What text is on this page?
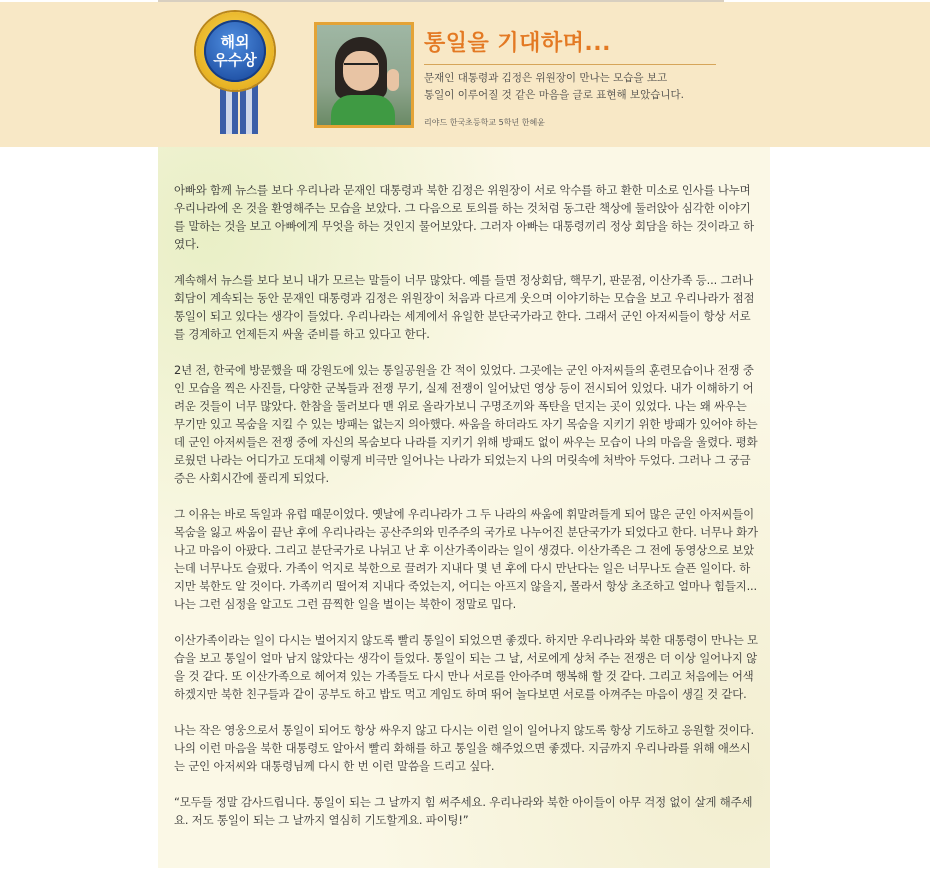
해외
우수상
통일을 기대하며...

문재인 대통령과 김정은 위원장이 만나는 모습을 보고

통일이 이루어질 것 같은 마음을 글로 표현해 보았습니다.

리야드 한국초등학교 5학년 한혜윤

아빠와 함께 뉴스를 보다 우리나라 문재인 대통령과 북한 김정은 위원장이 서로 악수를 하고 환한 미소로 인사를 나누며 우리나라에 온 것을 환영해주는 모습을 보았다. 그 다음으로 토의를 하는 것처럼 동그란 책상에 둘러앉아 심각한 이야기를 말하는 것을 보고 아빠에게 무엇을 하는 것인지 물어보았다. 그러자 아빠는 대통령끼리 정상 회담을 하는 것이라고 하였다.

계속해서 뉴스를 보다 보니 내가 모르는 말들이 너무 많았다. 예를 들면 정상회담, 핵무기, 판문점, 이산가족 등... 그러나 회담이 계속되는 동안 문재인 대통령과 김정은 위원장이 처음과 다르게 웃으며 이야기하는 모습을 보고 우리나라가 점점 통일이 되고 있다는 생각이 들었다. 우리나라는 세계에서 유일한 분단국가라고 한다. 그래서 군인 아저씨들이 항상 서로를 경계하고 언제든지 싸울 준비를 하고 있다고 한다.

2년 전, 한국에 방문했을 때 강원도에 있는 통일공원을 간 적이 있었다. 그곳에는 군인 아저씨들의 훈련모습이나 전쟁 중인 모습을 찍은 사진들, 다양한 군복들과 전쟁 무기, 실제 전쟁이 일어났던 영상 등이 전시되어 있었다. 내가 이해하기 어려운 것들이 너무 많았다. 한참을 둘러보다 맨 위로 올라가보니 구명조끼와 폭탄을 던지는 곳이 있었다. 나는 왜 싸우는 무기만 있고 목숨을 지킬 수 있는 방패는 없는지 의아했다. 싸움을 하더라도 자기 목숨을 지키기 위한 방패가 있어야 하는데 군인 아저씨들은 전쟁 중에 자신의 목숨보다 나라를 지키기 위해 방패도 없이 싸우는 모습이 나의 마음을 울렸다. 평화로웠던 나라는 어디가고 도대체 이렇게 비극만 일어나는 나라가 되었는지 나의 머릿속에 처박아 두었다. 그러나 그 궁금증은 사회시간에 풀리게 되었다.

그 이유는 바로 독일과 유럽 때문이었다. 옛날에 우리나라가 그 두 나라의 싸움에 휘말려들게 되어 많은 군인 아저씨들이 목숨을 잃고 싸움이 끝난 후에 우리나라는 공산주의와 민주주의 국가로 나누어진 분단국가가 되었다고 한다. 너무나 화가 나고 마음이 아팠다. 그리고 분단국가로 나뉘고 난 후 이산가족이라는 일이 생겼다. 이산가족은 그 전에 동영상으로 보았는데 너무나도 슬펐다. 가족이 억지로 북한으로 끌려가 지내다 몇 년 후에 다시 만난다는 일은 너무나도 슬픈 일이다. 하지만 북한도 알 것이다. 가족끼리 떨어져 지내다 죽었는지, 어디는 아프지 않을지, 몰라서 항상 초조하고 얼마나 힘들지... 나는 그런 심정을 알고도 그런 끔찍한 일을 벌이는 북한이 정말로 밉다.

이산가족이라는 일이 다시는 벌어지지 않도록 빨리 통일이 되었으면 좋겠다. 하지만 우리나라와 북한 대통령이 만나는 모습을 보고 통일이 얼마 남지 않았다는 생각이 들었다. 통일이 되는 그 날, 서로에게 상처 주는 전쟁은 더 이상 일어나지 않을 것 같다. 또 이산가족으로 헤어져 있는 가족들도 다시 만나 서로를 안아주며 행복해 할 것 같다. 그리고 처음에는 어색하겠지만 북한 친구들과 같이 공부도 하고 밥도 먹고 게임도 하며 뛰어 놀다보면 서로를 아껴주는 마음이 생길 것 같다.

나는 작은 영웅으로서 통일이 되어도 항상 싸우지 않고 다시는 이런 일이 일어나지 않도록 항상 기도하고 응원할 것이다. 나의 이런 마음을 북한 대통령도 알아서 빨리 화해를 하고 통일을 해주었으면 좋겠다. 지금까지 우리나라를 위해 애쓰시는 군인 아저씨와 대통령님께 다시 한 번 이런 말씀을 드리고 싶다.

“모두들 정말 감사드립니다. 통일이 되는 그 날까지 힘 써주세요. 우리나라와 북한 아이들이 아무 걱정 없이 살게 해주세요. 저도 통일이 되는 그 날까지 열심히 기도할게요. 파이팅!”
